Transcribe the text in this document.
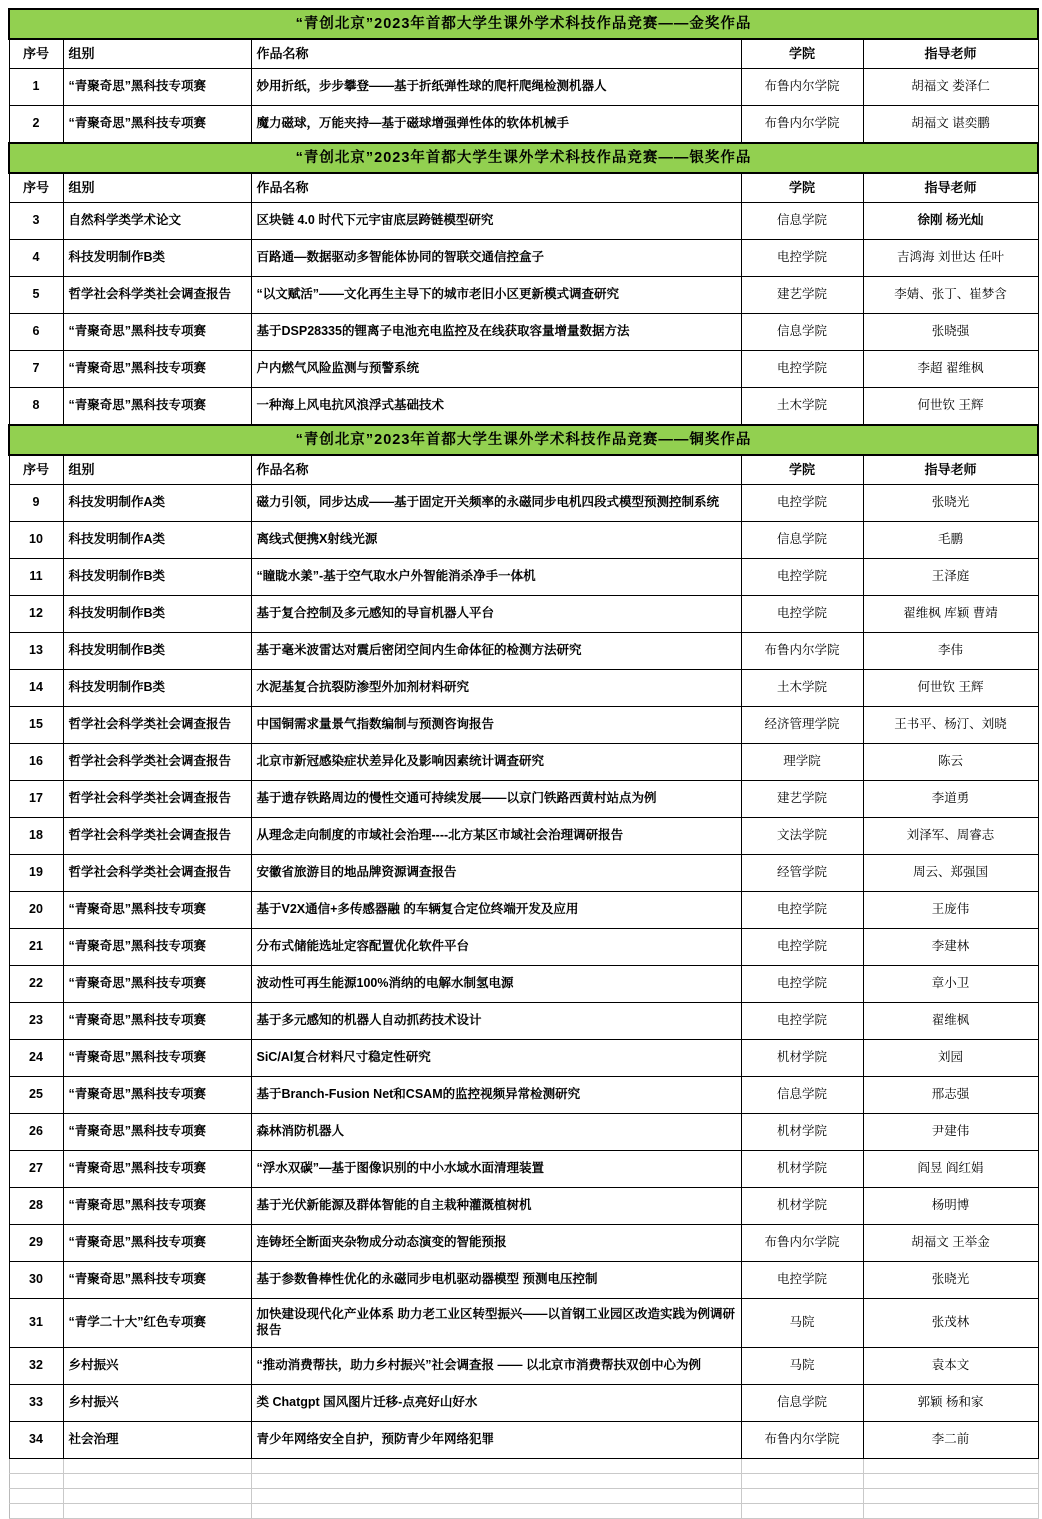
“青创北京”2023年首都大学生课外学术科技作品竞赛——金奖作品				
序号	组别	作品名称	学院	指导老师
1	“青聚奇思”黑科技专项赛	妙用折纸，步步攀登——基于折纸弹性球的爬杆爬绳检测机器人	布鲁内尔学院	胡福文 娄泽仁
2	“青聚奇思”黑科技专项赛	魔力磁球，万能夹持—基于磁球增强弹性体的软体机械手	布鲁内尔学院	胡福文 谌奕鹏
“青创北京”2023年首都大学生课外学术科技作品竞赛——银奖作品				
序号	组别	作品名称	学院	指导老师
3	自然科学类学术论文	区块链 4.0 时代下元宇宙底层跨链模型研究	信息学院	徐刚 杨光灿
4	科技发明制作B类	百路通—数据驱动多智能体协同的智联交通信控盒子	电控学院	吉鸿海 刘世达 任叶
5	哲学社会科学类社会调查报告	“以文赋活”——文化再生主导下的城市老旧小区更新模式调查研究	建艺学院	李婧、张丁、崔梦含
6	“青聚奇思”黑科技专项赛	基于DSP28335的锂离子电池充电监控及在线获取容量增量数据方法	信息学院	张晓强
7	“青聚奇思”黑科技专项赛	户内燃气风险监测与预警系统	电控学院	李超 翟维枫
8	“青聚奇思”黑科技专项赛	一种海上风电抗风浪浮式基础技术	土木学院	何世钦 王辉
“青创北京”2023年首都大学生课外学术科技作品竞赛——铜奖作品				
序号	组别	作品名称	学院	指导老师
9	科技发明制作A类	磁力引领，同步达成——基于固定开关频率的永磁同步电机四段式模型预测控制系统	电控学院	张晓光
10	科技发明制作A类	离线式便携X射线光源	信息学院	毛鹏
11	科技发明制作B类	“瞳眬水羕”-基于空气取水户外智能消杀净手一体机	电控学院	王泽庭
12	科技发明制作B类	基于复合控制及多元感知的导盲机器人平台	电控学院	翟维枫 库颖 曹靖
13	科技发明制作B类	基于毫米波雷达对震后密闭空间内生命体征的检测方法研究	布鲁内尔学院	李伟
14	科技发明制作B类	水泥基复合抗裂防渗型外加剂材料研究	土木学院	何世钦 王辉
15	哲学社会科学类社会调查报告	中国铜需求量景气指数编制与预测咨询报告	经济管理学院	王书平、杨汀、刘晓
16	哲学社会科学类社会调查报告	北京市新冠感染症状差异化及影响因素统计调查研究	理学院	陈云
17	哲学社会科学类社会调查报告	基于遗存铁路周边的慢性交通可持续发展——以京门铁路西黄村站点为例	建艺学院	李道勇
18	哲学社会科学类社会调查报告	从理念走向制度的市域社会治理----北方某区市域社会治理调研报告	文法学院	刘泽军、周睿志
19	哲学社会科学类社会调查报告	安徽省旅游目的地品牌资源调查报告	经管学院	周云、郑强国
20	“青聚奇思”黑科技专项赛	基于V2X通信+多传感器融 的车辆复合定位终端开发及应用	电控学院	王庞伟
21	“青聚奇思”黑科技专项赛	分布式储能选址定容配置优化软件平台	电控学院	李建林
22	“青聚奇思”黑科技专项赛	波动性可再生能源100%消纳的电解水制氢电源	电控学院	章小卫
23	“青聚奇思”黑科技专项赛	基于多元感知的机器人自动抓药技术设计	电控学院	翟维枫
24	“青聚奇思”黑科技专项赛	SiC/Al复合材料尺寸稳定性研究	机材学院	刘园
25	“青聚奇思”黑科技专项赛	基于Branch-Fusion Net和CSAM的监控视频异常检测研究	信息学院	邢志强
26	“青聚奇思”黑科技专项赛	森林消防机器人	机材学院	尹建伟
27	“青聚奇思”黑科技专项赛	“浮水双碳”—基于图像识别的中小水域水面清理装置	机材学院	阎昱 阎红娟
28	“青聚奇思”黑科技专项赛	基于光伏新能源及群体智能的自主栽种灌溉植树机	机材学院	杨明博
29	“青聚奇思”黑科技专项赛	连铸坯全断面夹杂物成分动态演变的智能预报	布鲁内尔学院	胡福文 王举金
30	“青聚奇思”黑科技专项赛	基于参数鲁棒性优化的永磁同步电机驱动器模型 预测电压控制	电控学院	张晓光
31	“青学二十大”红色专项赛	加快建设现代化产业体系 助力老工业区转型振兴——以首钢工业园区改造实践为例调研报告	马院	张茂林
32	乡村振兴	“推动消费帮扶，助力乡村振兴”社会调查报 —— 以北京市消费帮扶双创中心为例	马院	袁本文
33	乡村振兴	类 Chatgpt 国风图片迁移-点亮好山好水	信息学院	郭颖 杨和家
34	社会治理	青少年网络安全自护，预防青少年网络犯罪	布鲁内尔学院	李二前
